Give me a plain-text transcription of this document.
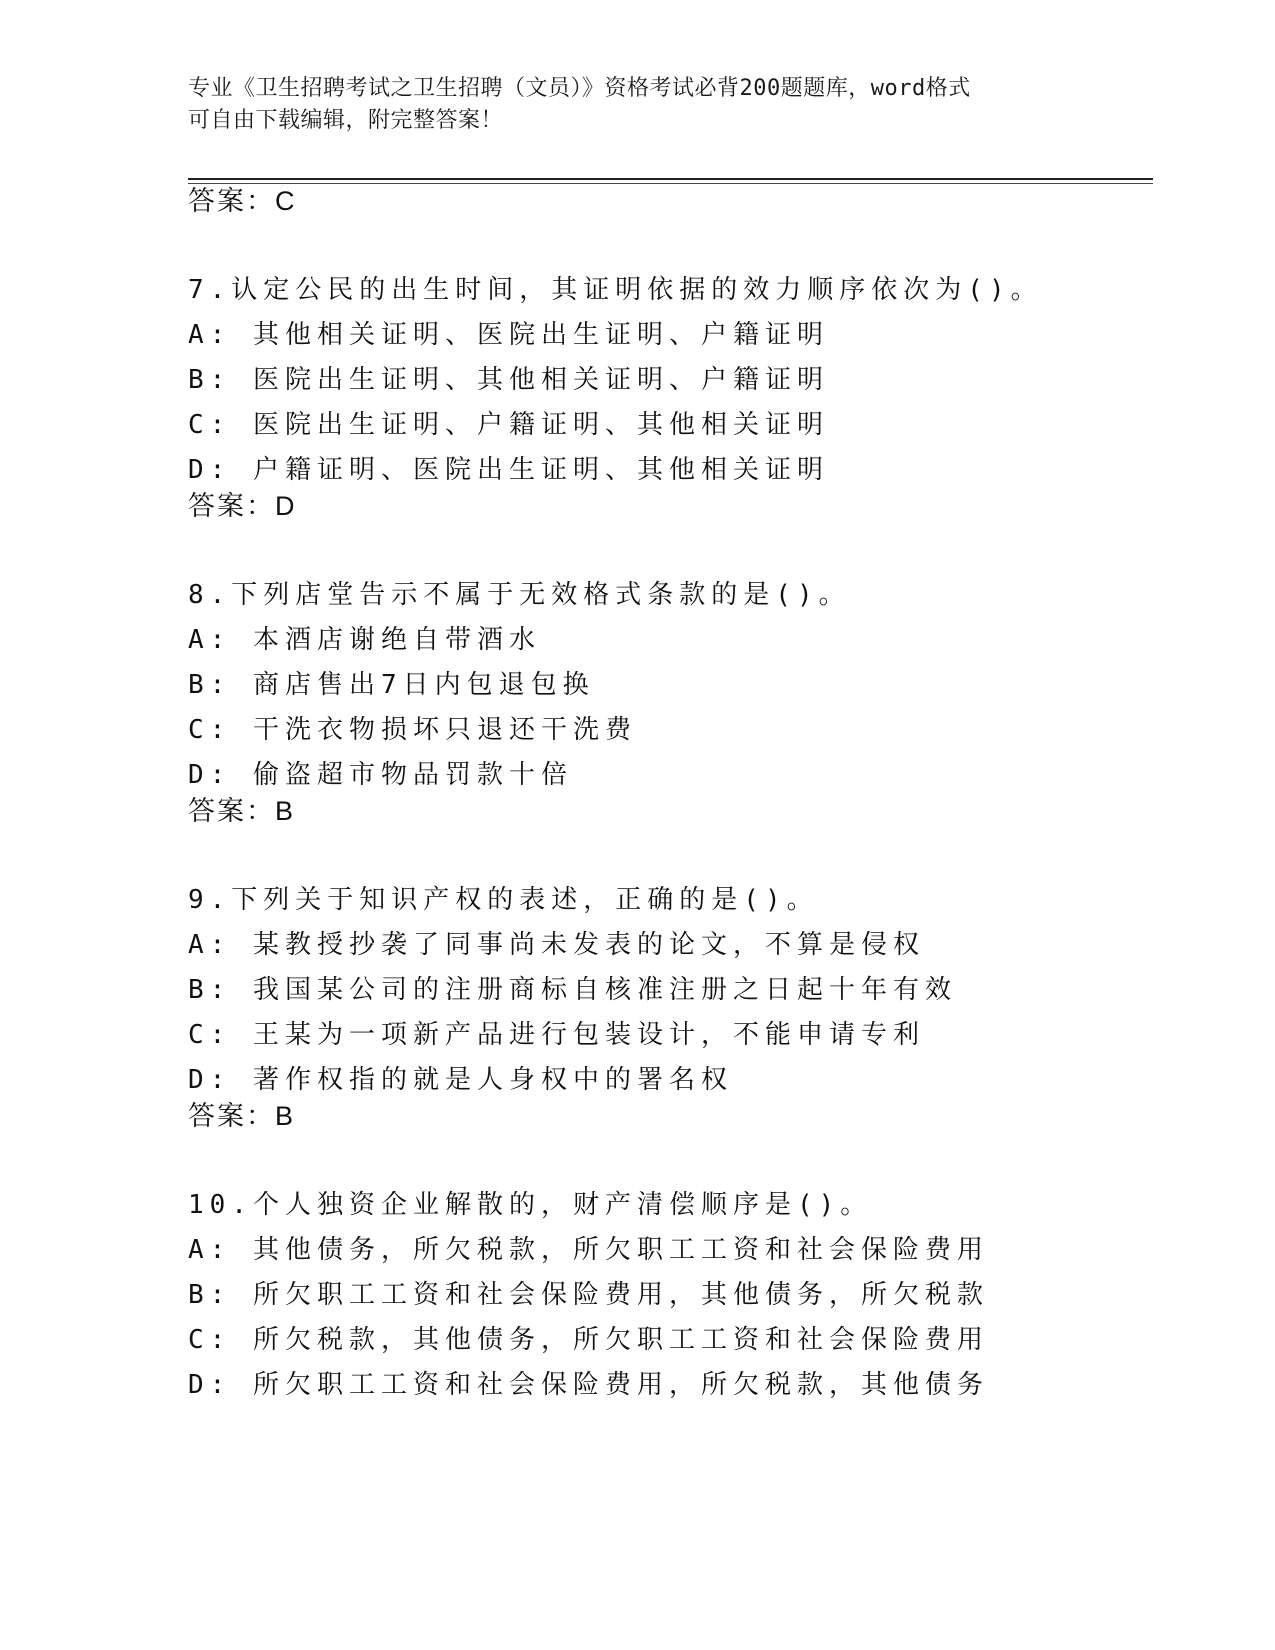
专业《卫生招聘考试之卫生招聘（文员）》资格考试必背200题题库，word格式
可自由下载编辑，附完整答案！
答案：C
7.认定公民的出生时间，其证明依据的效力顺序依次为()。
A: 其他相关证明、医院出生证明、户籍证明
B: 医院出生证明、其他相关证明、户籍证明
C: 医院出生证明、户籍证明、其他相关证明
D: 户籍证明、医院出生证明、其他相关证明
答案：D
8.下列店堂告示不属于无效格式条款的是()。
A: 本酒店谢绝自带酒水
B: 商店售出7日内包退包换
C: 干洗衣物损坏只退还干洗费
D: 偷盗超市物品罚款十倍
答案：B
9.下列关于知识产权的表述，正确的是()。
A: 某教授抄袭了同事尚未发表的论文，不算是侵权
B: 我国某公司的注册商标自核准注册之日起十年有效
C: 王某为一项新产品进行包装设计，不能申请专利
D: 著作权指的就是人身权中的署名权
答案：B
10.个人独资企业解散的，财产清偿顺序是()。
A: 其他债务，所欠税款，所欠职工工资和社会保险费用
B: 所欠职工工资和社会保险费用，其他债务，所欠税款
C: 所欠税款，其他债务，所欠职工工资和社会保险费用
D: 所欠职工工资和社会保险费用，所欠税款，其他债务
